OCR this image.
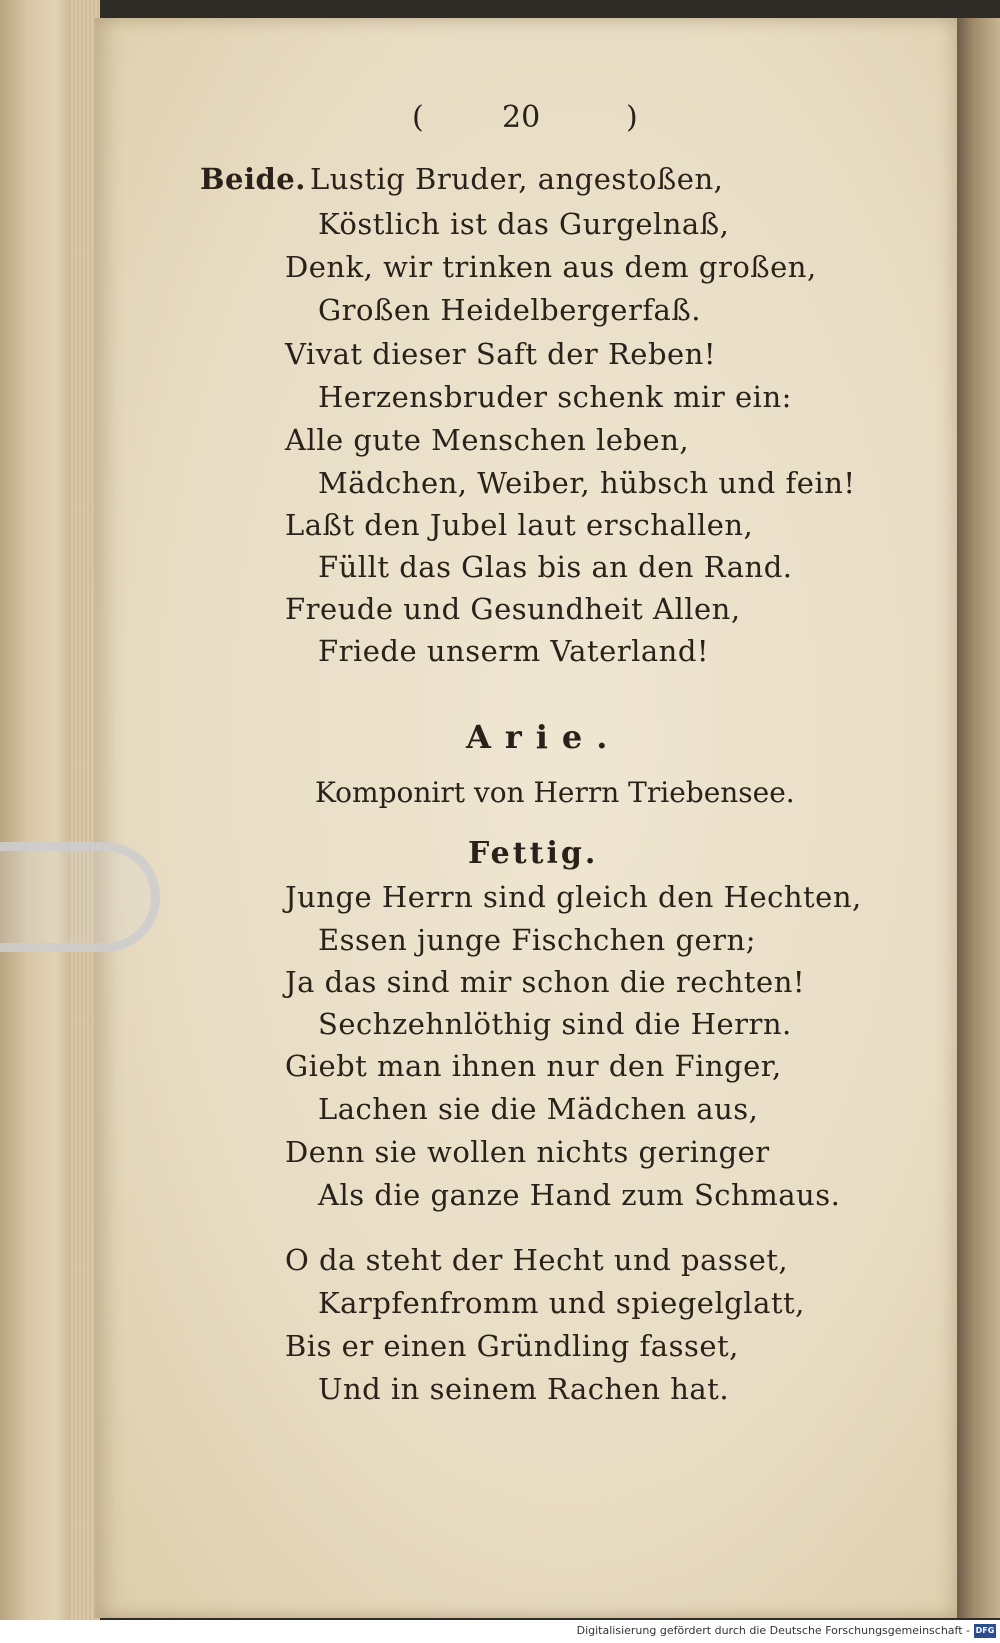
(	20	)
Beide. Lustig Bruder, angestoßen,
Köstlich ist das Gurgelnaß,
Denk, wir trinken aus dem großen,
Großen Heidelbergerfaß.
Vivat dieser Saft der Reben!
Herzensbruder schenk mir ein:
Alle gute Menschen leben,
Mädchen, Weiber, hübsch und fein!
Laßt den Jubel laut erschallen,
Füllt das Glas bis an den Rand.
Freude und Gesundheit Allen,
Friede unserm Vaterland!
Arie.
Komponirt von Herrn Triebensee.
Fettig.
Junge Herrn sind gleich den Hechten,
Essen junge Fischchen gern;
Ja das sind mir schon die rechten!
Sechzehnlöthig sind die Herrn.
Giebt man ihnen nur den Finger,
Lachen sie die Mädchen aus,
Denn sie wollen nichts geringer
Als die ganze Hand zum Schmaus.
O da steht der Hecht und passet,
Karpfenfromm und spiegelglatt,
Bis er einen Gründling fasset,
Und in seinem Rachen hat.
Digitalisierung gefördert durch die Deutsche Forschungsgemeinschaft - DFG
